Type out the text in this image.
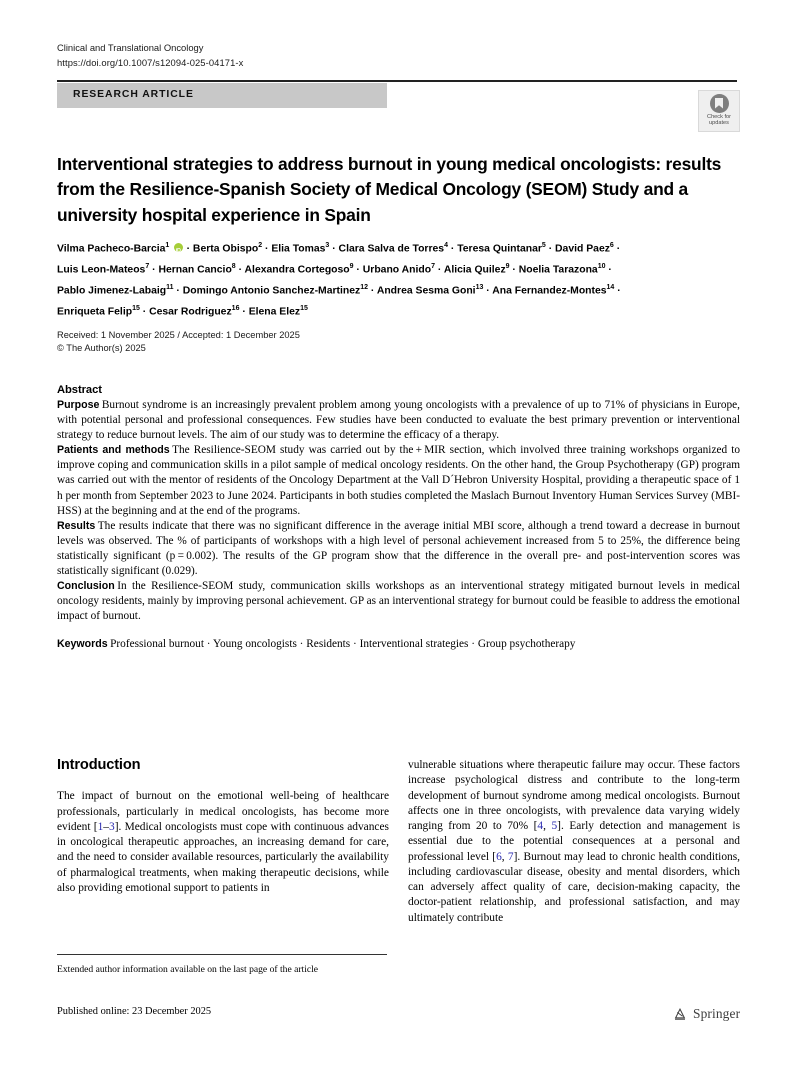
Clinical and Translational Oncology
https://doi.org/10.1007/s12094-025-04171-x
RESEARCH ARTICLE
Check for
updates
Interventional strategies to address burnout in young medical oncologists: results from the Resilience-Spanish Society of Medical Oncology (SEOM) Study and a university hospital experience in Spain
Vilma Pacheco-Barcia$^1$ iD · Berta Obispo$^2$ · Elia Tomas$^3$ · Clara Salva de Torres$^4$ · Teresa Quintanar$^5$ · David Paez$^6$ ·
Luis Leon-Mateos$^7$ · Hernan Cancio$^8$ · Alexandra Cortegoso$^9$ · Urbano Anido$^7$ · Alicia Quilez$^9$ · Noelia Tarazona$^{10}$ ·
Pablo Jimenez-Labaig$^{11}$ · Domingo Antonio Sanchez-Martinez$^{12}$ · Andrea Sesma Goni$^{13}$ · Ana Fernandez-Montes$^{14}$ ·
Enriqueta Felip$^{15}$ · Cesar Rodriguez$^{16}$ · Elena Elez$^{15}$
Received: 1 November 2025 / Accepted: 1 December 2025
© The Author(s) 2025
Abstract

Purpose Burnout syndrome is an increasingly prevalent problem among young oncologists with a prevalence of up to 71% of physicians in Europe, with potential personal and professional consequences. Few studies have been conducted to evaluate the best primary prevention or interventional strategy to reduce burnout levels. The aim of our study was to determine the efficacy of a therapy.

Patients and methods The Resilience-SEOM study was carried out by the + MIR section, which involved three training workshops organized to improve coping and communication skills in a pilot sample of medical oncology residents. On the other hand, the Group Psychotherapy (GP) program was carried out with the mentor of residents of the Oncology Department at the Vall D´Hebron University Hospital, providing a therapeutic space of 1 h per month from September 2023 to June 2024. Participants in both studies completed the Maslach Burnout Inventory Human Services Survey (MBI-HSS) at the beginning and at the end of the programs.

Results The results indicate that there was no significant difference in the average initial MBI score, although a trend toward a decrease in burnout levels was observed. The % of participants of workshops with a high level of personal achievement increased from 5 to 25%, the difference being statistically significant (p = 0.002). The results of the GP program show that the difference in the overall pre- and post-intervention scores was statistically significant (0.029).

Conclusion In the Resilience-SEOM study, communication skills workshops as an interventional strategy mitigated burnout levels in medical oncology residents, mainly by improving personal achievement. GP as an interventional strategy for burnout could be feasible to address the emotional impact of burnout.

Keywords Professional burnout · Young oncologists · Residents · Interventional strategies · Group psychotherapy

Introduction

The impact of burnout on the emotional well-being of healthcare professionals, particularly in medical oncologists, has become more evident [1–3]. Medical oncologists must cope with continuous advances in oncological therapeutic approaches, an increasing demand for care, and the need to consider available resources, particularly the availability of pharmalogical treatments, when making therapeutic decisions, while also providing emotional support to patients in

vulnerable situations where therapeutic failure may occur. These factors increase psychological distress and contribute to the long-term development of burnout syndrome among medical oncologists. Burnout affects one in three oncologists, with prevalence data varying widely ranging from 20 to 70% [4, 5]. Early detection and management is essential due to the potential consequences at a personal and professional level [6, 7]. Burnout may lead to chronic health conditions, including cardiovascular disease, obesity and mental disorders, which can adversely affect quality of care, decision-making capacity, the doctor-patient relationship, and professional satisfaction, and may ultimately contribute

Extended author information available on the last page of the article
Published online: 23 December 2025	Springer
